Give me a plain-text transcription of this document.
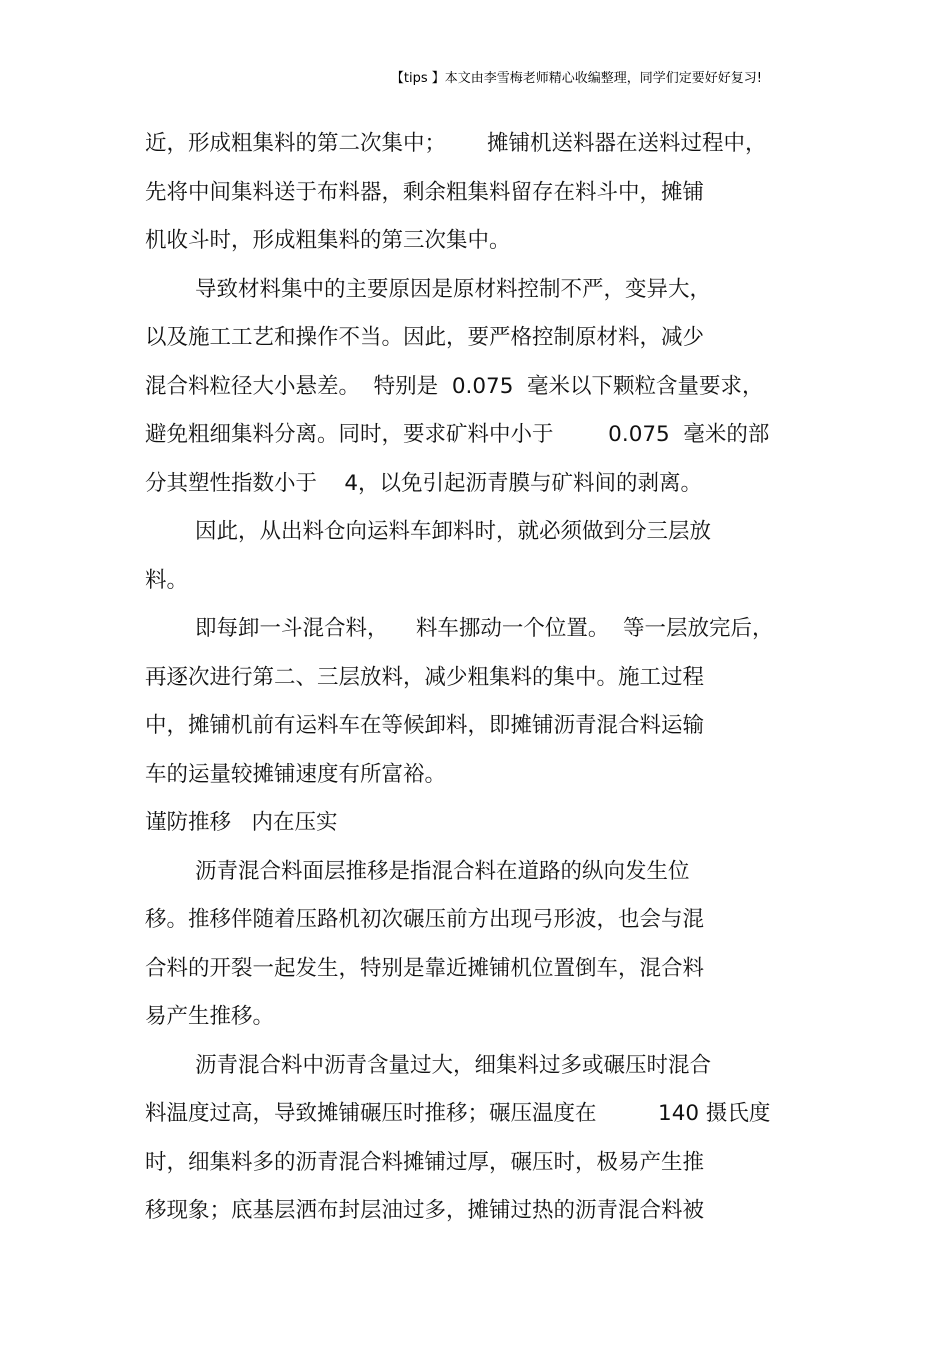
【tips 】本文由李雪梅老师精心收编整理，同学们定要好好复习!
近，形成粗集料的第二次集中；      摊铺机送料器在送料过程中，
先将中间集料送于布料器，剩余粗集料留存在料斗中，摊铺
机收斗时，形成粗集料的第三次集中。
导致材料集中的主要原因是原材料控制不严，变异大，
以及施工工艺和操作不当。因此，要严格控制原材料，减少
混合料粒径大小悬差。  特别是  0.075  毫米以下颗粒含量要求，
避免粗细集料分离。同时，要求矿料中小于        0.075  毫米的部
分其塑性指数小于    4，以免引起沥青膜与矿料间的剥离。
因此，从出料仓向运料车卸料时，就必须做到分三层放
料。
即每卸一斗混合料，    料车挪动一个位置。  等一层放完后，
再逐次进行第二、三层放料，减少粗集料的集中。施工过程
中，摊铺机前有运料车在等候卸料，即摊铺沥青混合料运输
车的运量较摊铺速度有所富裕。
谨防推移   内在压实
沥青混合料面层推移是指混合料在道路的纵向发生位
移。推移伴随着压路机初次碾压前方出现弓形波，也会与混
合料的开裂一起发生，特别是靠近摊铺机位置倒车，混合料
易产生推移。
沥青混合料中沥青含量过大，细集料过多或碾压时混合
料温度过高，导致摊铺碾压时推移；碾压温度在         140 摄氏度
时，细集料多的沥青混合料摊铺过厚，碾压时，极易产生推
移现象；底基层洒布封层油过多，摊铺过热的沥青混合料被
